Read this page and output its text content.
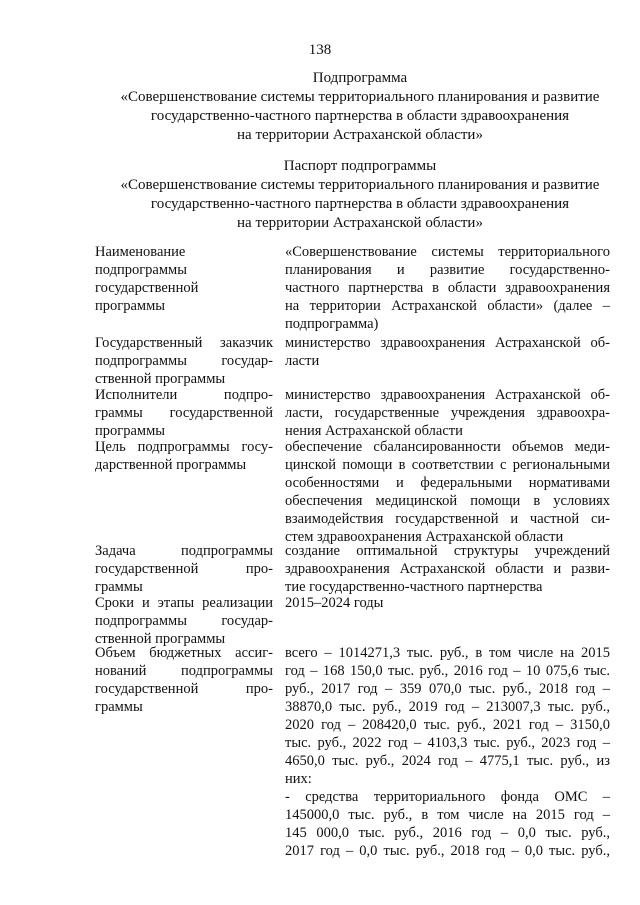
138
Подпрограмма
«Совершенствование системы территориального планирования и развитие
государственно-частного партнерства в области здравоохранения
на территории Астраханской области»
Паспорт подпрограммы
«Совершенствование системы территориального планирования и развитие
государственно-частного партнерства в области здравоохранения
на территории Астраханской области»
Наименование
подпрограммы
государственной
программы
«Совершенствование системы территориального
планирования и развитие государственно-
частного партнерства в области здравоохранения
на территории Астраханской области» (далее –
подпрограмма)
Государственный заказчик
подпрограммы государ-
ственной программы
министерство здравоохранения Астраханской об-
ласти
Исполнители подпро-
граммы государственной
программы
министерство здравоохранения Астраханской об-
ласти, государственные учреждения здравоохра-
нения Астраханской области
Цель подпрограммы госу-
дарственной программы
обеспечение сбалансированности объемов меди-
цинской помощи в соответствии с региональными
особенностями и федеральными нормативами
обеспечения медицинской помощи в условиях
взаимодействия государственной и частной си-
стем здравоохранения Астраханской области
Задача подпрограммы
государственной про-
граммы
создание оптимальной структуры учреждений
здравоохранения Астраханской области и разви-
тие государственно-частного партнерства
Сроки и этапы реализации
подпрограммы государ-
ственной программы
2015–2024 годы
Объем бюджетных ассиг-
нований подпрограммы
государственной про-
граммы
всего – 1014271,3 тыс. руб., в том числе на 2015
год – 168 150,0 тыс. руб., 2016 год – 10 075,6 тыс.
руб., 2017 год – 359 070,0 тыс. руб., 2018 год –
38870,0 тыс. руб., 2019 год – 213007,3 тыс. руб.,
2020 год – 208420,0 тыс. руб., 2021 год – 3150,0
тыс. руб., 2022 год – 4103,3 тыс. руб., 2023 год –
4650,0 тыс. руб., 2024 год – 4775,1 тыс. руб., из
них:
- средства территориального фонда ОМС –
145000,0 тыс. руб., в том числе на 2015 год –
145 000,0 тыс. руб., 2016 год – 0,0 тыс. руб.,
2017 год – 0,0 тыс. руб., 2018 год – 0,0 тыс. руб.,
